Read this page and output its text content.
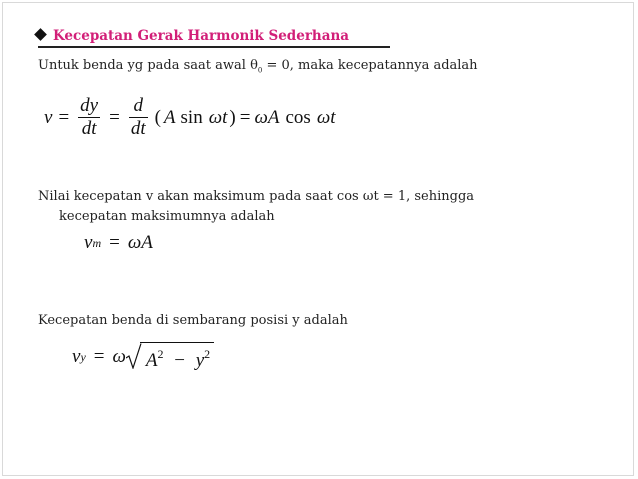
Kecepatan Gerak Harmonik Sederhana
Untuk benda yg pada saat awal $\theta_0 = 0$, maka kecepatannya adalah
$v = \frac{dy}{dt} = \frac{d}{dt}$ ( A sin ωt ) = ωA cos ωt
Nilai kecepatan v akan maksimum pada saat cos ωt = 1, sehingga
kecepatan maksimumnya adalah
v m = ωA
Kecepatan benda di sembarang posisi y adalah
v y = ω	$A^2 - y^2$
